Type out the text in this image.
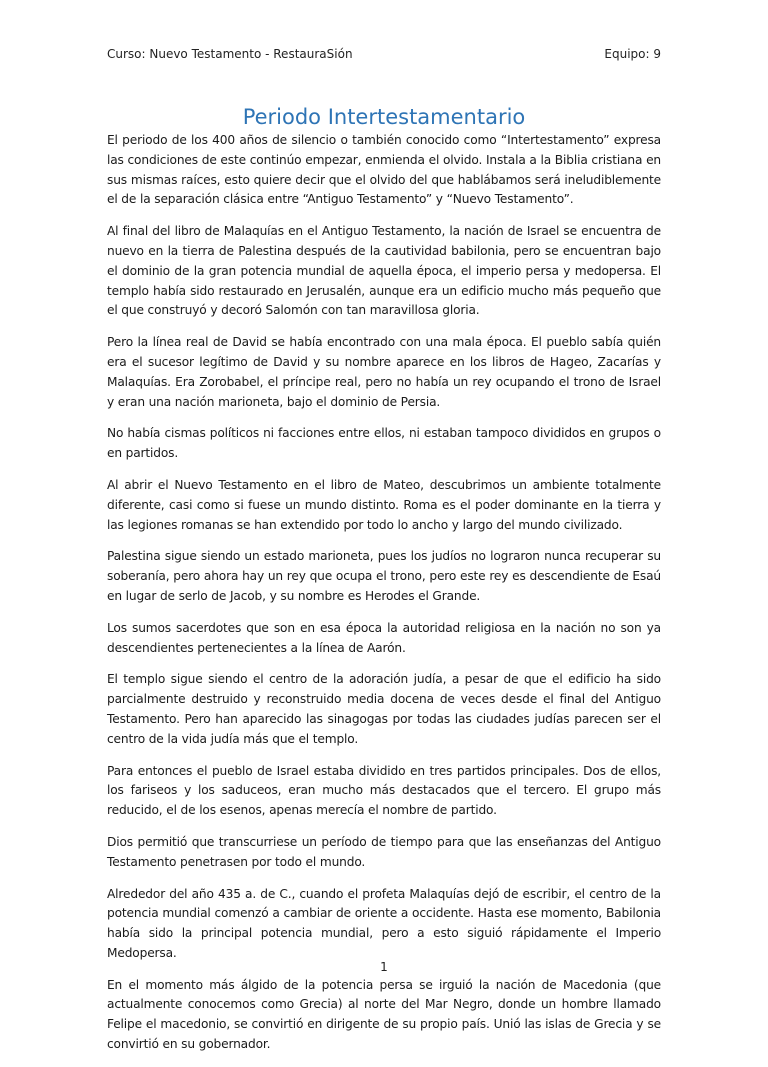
Curso: Nuevo Testamento - RestauraSión	Equipo: 9
Periodo Intertestamentario

El periodo de los 400 años de silencio o también conocido como “Intertestamento” expresa las condiciones de este continúo empezar, enmienda el olvido. Instala a la Biblia cristiana en sus mismas raíces, esto quiere decir que el olvido del que hablábamos será ineludiblemente el de la separación clásica entre “Antiguo Testamento” y “Nuevo Testamento”.

Al final del libro de Malaquías en el Antiguo Testamento, la nación de Israel se encuentra de nuevo en la tierra de Palestina después de la cautividad babilonia, pero se encuentran bajo el dominio de la gran potencia mundial de aquella época, el imperio persa y medopersa. El templo había sido restaurado en Jerusalén, aunque era un edificio mucho más pequeño que el que construyó y decoró Salomón con tan maravillosa gloria.

Pero la línea real de David se había encontrado con una mala época. El pueblo sabía quién era el sucesor legítimo de David y su nombre aparece en los libros de Hageo, Zacarías y Malaquías. Era Zorobabel, el príncipe real, pero no había un rey ocupando el trono de Israel y eran una nación marioneta, bajo el dominio de Persia.

No había cismas políticos ni facciones entre ellos, ni estaban tampoco divididos en grupos o en partidos.

Al abrir el Nuevo Testamento en el libro de Mateo, descubrimos un ambiente totalmente diferente, casi como si fuese un mundo distinto. Roma es el poder dominante en la tierra y las legiones romanas se han extendido por todo lo ancho y largo del mundo civilizado.

Palestina sigue siendo un estado marioneta, pues los judíos no lograron nunca recuperar su soberanía, pero ahora hay un rey que ocupa el trono, pero este rey es descendiente de Esaú en lugar de serlo de Jacob, y su nombre es Herodes el Grande.

Los sumos sacerdotes que son en esa época la autoridad religiosa en la nación no son ya descendientes pertenecientes a la línea de Aarón.

El templo sigue siendo el centro de la adoración judía, a pesar de que el edificio ha sido parcialmente destruido y reconstruido media docena de veces desde el final del Antiguo Testamento. Pero han aparecido las sinagogas por todas las ciudades judías parecen ser el centro de la vida judía más que el templo.

Para entonces el pueblo de Israel estaba dividido en tres partidos principales. Dos de ellos, los fariseos y los saduceos, eran mucho más destacados que el tercero. El grupo más reducido, el de los esenos, apenas merecía el nombre de partido.

Dios permitió que transcurriese un período de tiempo para que las enseñanzas del Antiguo Testamento penetrasen por todo el mundo.

Alrededor del año 435 a. de C., cuando el profeta Malaquías dejó de escribir, el centro de la potencia mundial comenzó a cambiar de oriente a occidente. Hasta ese momento, Babilonia había sido la principal potencia mundial, pero a esto siguió rápidamente el Imperio Medopersa.

En el momento más álgido de la potencia persa se irguió la nación de Macedonia (que actualmente conocemos como Grecia) al norte del Mar Negro, donde un hombre llamado Felipe el macedonio, se convirtió en dirigente de su propio país. Unió las islas de Grecia y se convirtió en su gobernador.

1
